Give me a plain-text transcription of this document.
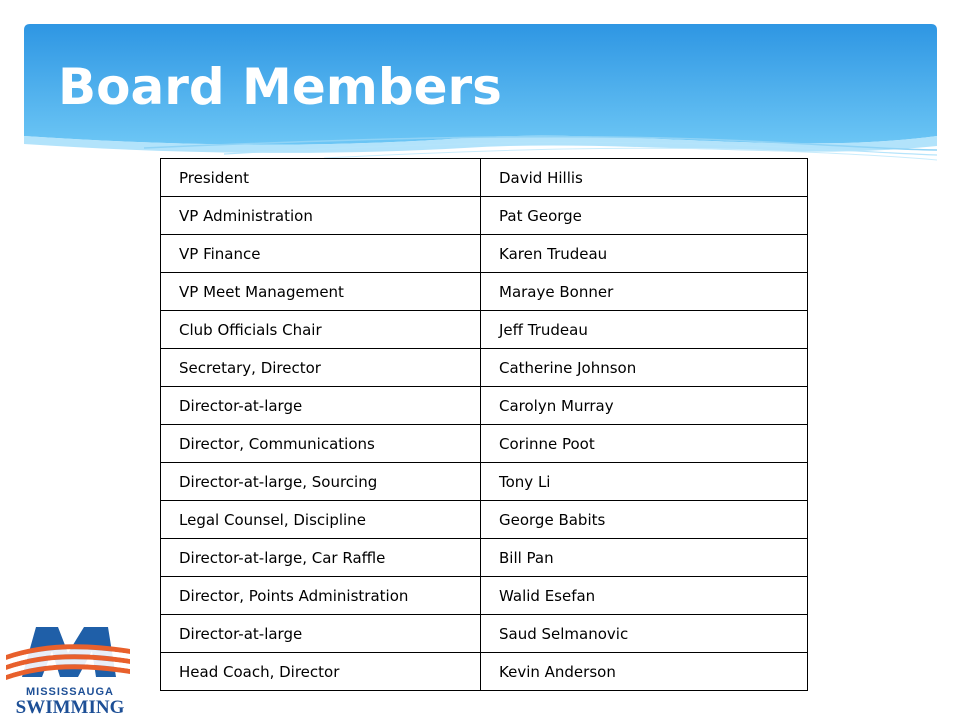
Board Members
President	David Hillis
VP Administration	Pat George
VP Finance	Karen Trudeau
VP Meet Management	Maraye Bonner
Club Officials Chair	Jeff Trudeau
Secretary, Director	Catherine Johnson
Director-at-large	Carolyn Murray
Director, Communications	Corinne Poot
Director-at-large, Sourcing	Tony Li
Legal Counsel, Discipline	George Babits
Director-at-large, Car Raffle	Bill Pan
Director, Points Administration	Walid Esefan
Director-at-large	Saud Selmanovic
Head Coach, Director	Kevin Anderson
MISSISSAUGA
SWIMMING
